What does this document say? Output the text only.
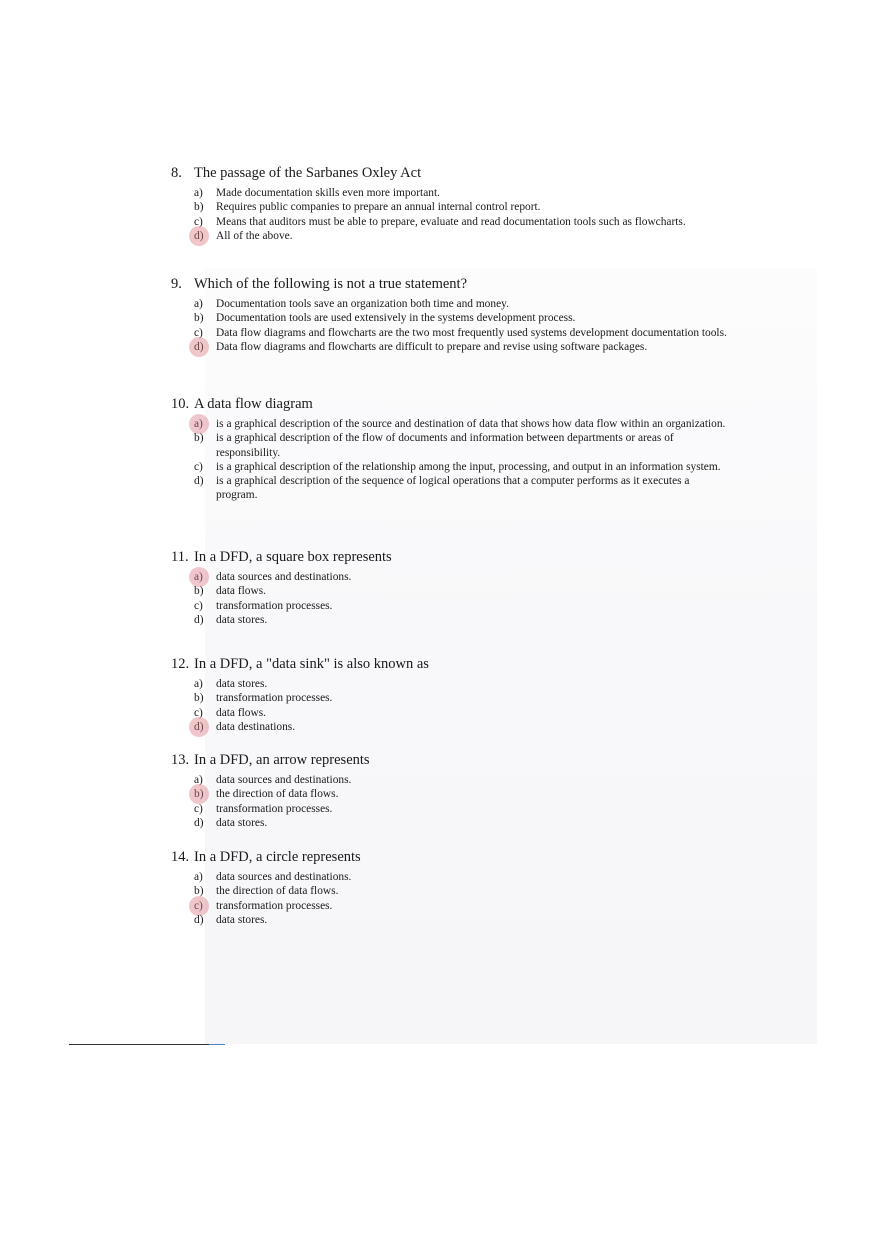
8. The passage of the Sarbanes Oxley Act
a) Made documentation skills even more important.
b) Requires public companies to prepare an annual internal control report.
c) Means that auditors must be able to prepare, evaluate and read documentation tools such as flowcharts.
d) All of the above.
9. Which of the following is not a true statement?
a) Documentation tools save an organization both time and money.
b) Documentation tools are used extensively in the systems development process.
c) Data flow diagrams and flowcharts are the two most frequently used systems development documentation tools.
d) Data flow diagrams and flowcharts are difficult to prepare and revise using software packages.
10. A data flow diagram
a) is a graphical description of the source and destination of data that shows how data flow within an organization.
b) is a graphical description of the flow of documents and information between departments or areas of responsibility.
c) is a graphical description of the relationship among the input, processing, and output in an information system.
d) is a graphical description of the sequence of logical operations that a computer performs as it executes a program.
11. In a DFD, a square box represents
a) data sources and destinations.
b) data flows.
c) transformation processes.
d) data stores.
12. In a DFD, a "data sink" is also known as
a) data stores.
b) transformation processes.
c) data flows.
d) data destinations.
13. In a DFD, an arrow represents
a) data sources and destinations.
b) the direction of data flows.
c) transformation processes.
d) data stores.
14. In a DFD, a circle represents
a) data sources and destinations.
b) the direction of data flows.
c) transformation processes.
d) data stores.
